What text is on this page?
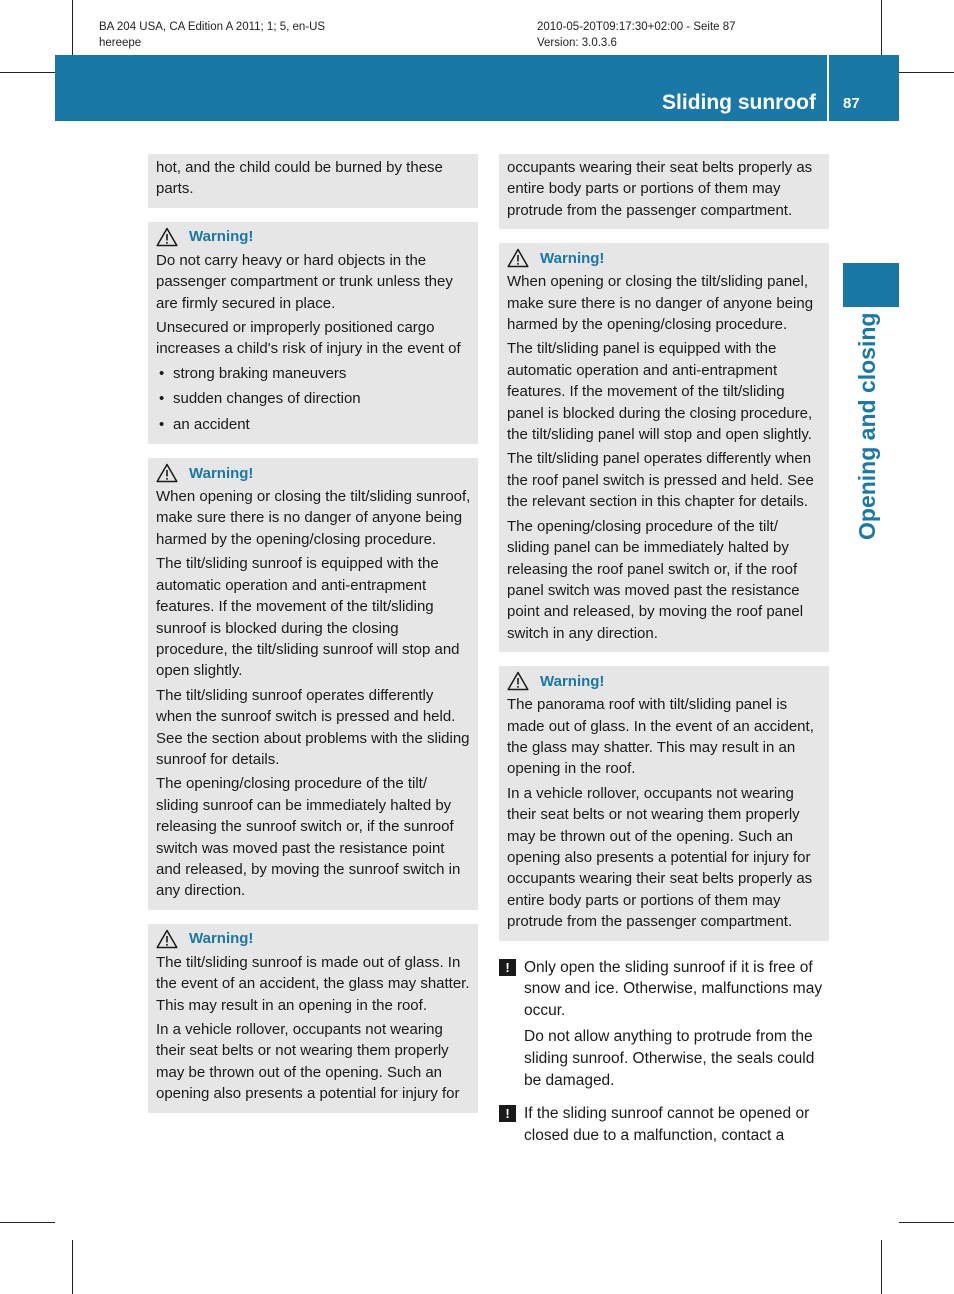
BA 204 USA, CA Edition A 2011; 1; 5, en-US
hereepe
2010-05-20T09:17:30+02:00 - Seite 87
Version: 3.0.3.6
Sliding sunroof 87
Opening and closing

hot, and the child could be burned by these parts.

Warning!

Do not carry heavy or hard objects in the passenger compartment or trunk unless they are firmly secured in place.

Unsecured or improperly positioned cargo increases a child's risk of injury in the event of

• strong braking maneuvers
• sudden changes of direction
• an accident
Warning!

When opening or closing the tilt/sliding sunroof, make sure there is no danger of anyone being harmed by the opening/closing procedure.

The tilt/sliding sunroof is equipped with the automatic operation and anti-entrapment features. If the movement of the tilt/sliding sunroof is blocked during the closing procedure, the tilt/sliding sunroof will stop and open slightly.

The tilt/sliding sunroof operates differently when the sunroof switch is pressed and held. See the section about problems with the sliding sunroof for details.

The opening/closing procedure of the tilt/ sliding sunroof can be immediately halted by releasing the sunroof switch or, if the sunroof switch was moved past the resistance point and released, by moving the sunroof switch in any direction.

Warning!

The tilt/sliding sunroof is made out of glass. In the event of an accident, the glass may shatter. This may result in an opening in the roof.

In a vehicle rollover, occupants not wearing their seat belts or not wearing them properly may be thrown out of the opening. Such an opening also presents a potential for injury for

occupants wearing their seat belts properly as entire body parts or portions of them may protrude from the passenger compartment.

Warning!

When opening or closing the tilt/sliding panel, make sure there is no danger of anyone being harmed by the opening/closing procedure.

The tilt/sliding panel is equipped with the automatic operation and anti-entrapment features. If the movement of the tilt/sliding panel is blocked during the closing procedure, the tilt/sliding panel will stop and open slightly.

The tilt/sliding panel operates differently when the roof panel switch is pressed and held. See the relevant section in this chapter for details.

The opening/closing procedure of the tilt/ sliding panel can be immediately halted by releasing the roof panel switch or, if the roof panel switch was moved past the resistance point and released, by moving the roof panel switch in any direction.

Warning!

The panorama roof with tilt/sliding panel is made out of glass. In the event of an accident, the glass may shatter. This may result in an opening in the roof.

In a vehicle rollover, occupants not wearing their seat belts or not wearing them properly may be thrown out of the opening. Such an opening also presents a potential for injury for occupants wearing their seat belts properly as entire body parts or portions of them may protrude from the passenger compartment.

! Only open the sliding sunroof if it is free of snow and ice. Otherwise, malfunctions may occur.

Do not allow anything to protrude from the sliding sunroof. Otherwise, the seals could be damaged.

! If the sliding sunroof cannot be opened or closed due to a malfunction, contact a
